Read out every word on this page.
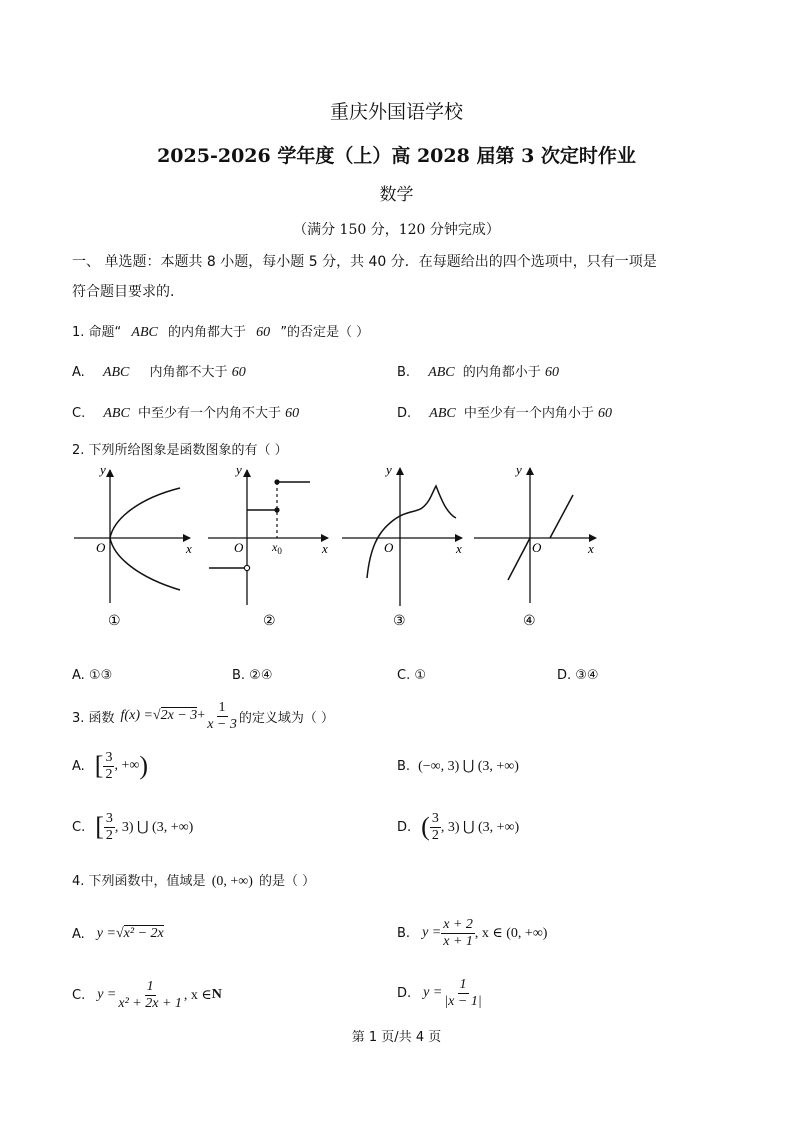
重庆外国语学校
2025-2026 学年度（上）高 2028 届第 3 次定时作业
数学
（满分 150 分，120 分钟完成）
一、 单选题：本题共 8 小题，每小题 5 分，共 40 分．在每题给出的四个选项中，只有一项是
符合题目要求的.
1. 命题“ ABC 的内角都大于 60 ”的否定是（ ）
A. ABC 内角都不大于 60	B. ABC 的内角都小于 60
C. ABC 中至少有一个内角不大于 60	D. ABC 中至少有一个内角小于 60
2. 下列所给图象是函数图象的有（ ）
y
x
O
y
x
O $x_0$
y
x
O
y
x
O
①	②	③	④
A. ①③	B. ②④	C. ①	D. ③④
3. 函数 $f(x) = √2x - 3 + \frac{1}{x - 3}$ 的定义域为（ ）
A. [ $\frac{3}{2}$ , +∞ )	B. (−∞, 3) ⋃ (3, +∞)
C. [ $\frac{3}{2}$ , 3) ⋃ (3, +∞)	D. ( $\frac{3}{2}$ , 3) ⋃ (3, +∞)
4. 下列函数中，值域是 (0, +∞) 的是（ ）
A. y = √x² − 2x	B. $y = \frac{x + 2}{x + 1}$ , x ∈ (0, +∞)
C. $y = \frac{1}{\text{x² + 2x + 1}}$ , x ∈ N	D. $y = \frac{1}{|x - 1|}$
第 1 页/共 4 页
